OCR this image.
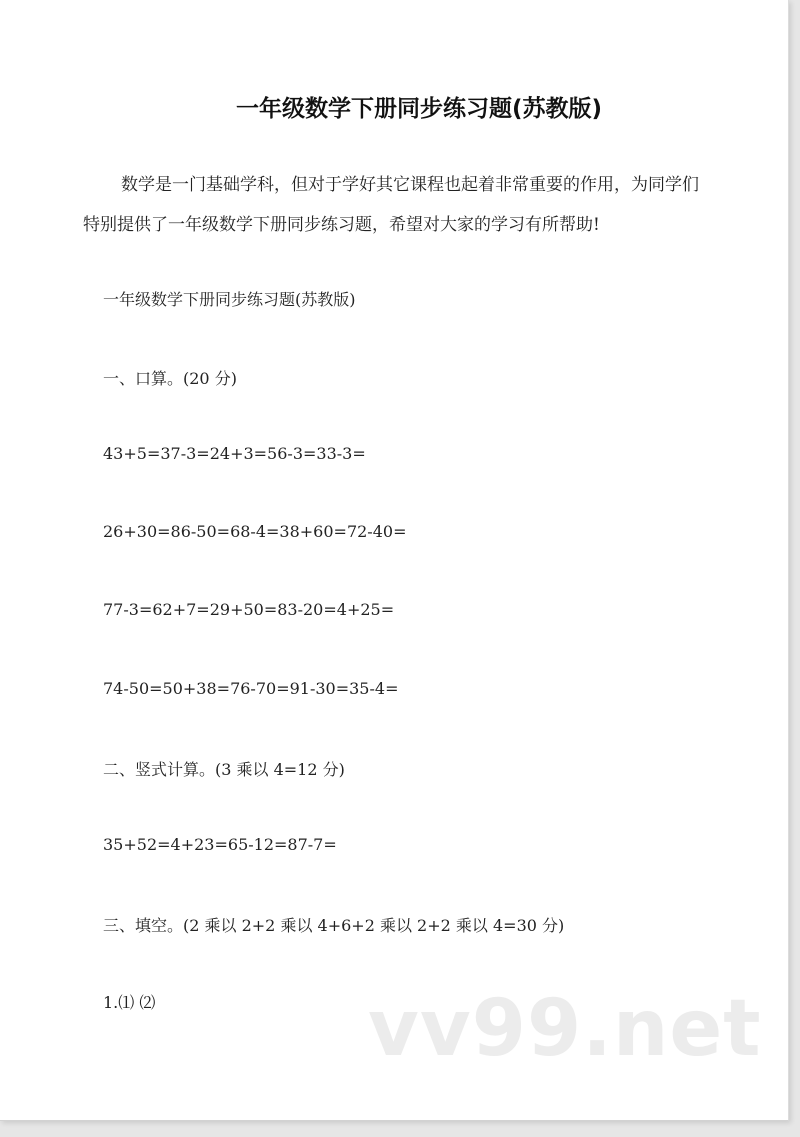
一年级数学下册同步练习题(苏教版)

数学是一门基础学科，但对于学好其它课程也起着非常重要的作用，为同学们特别提供了一年级数学下册同步练习题，希望对大家的学习有所帮助!

一年级数学下册同步练习题(苏教版)

一、口算。(20 分)

43+5=37-3=24+3=56-3=33-3=

26+30=86-50=68-4=38+60=72-40=

77-3=62+7=29+50=83-20=4+25=

74-50=50+38=76-70=91-30=35-4=

二、竖式计算。(3 乘以 4=12 分)

35+52=4+23=65-12=87-7=

三、填空。(2 乘以 2+2 乘以 4+6+2 乘以 2+2 乘以 4=30 分)

1.⑴ ⑵	vv99.net
